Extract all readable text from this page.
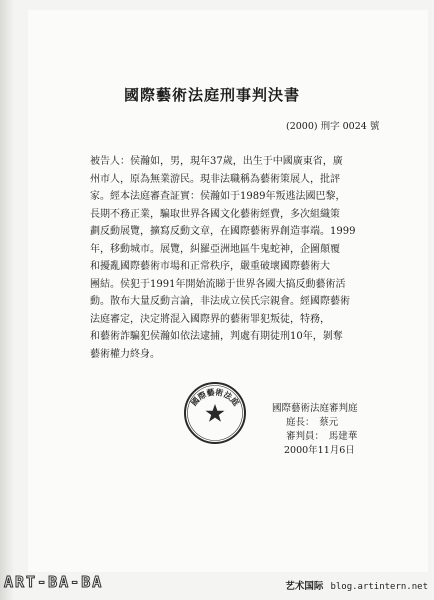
國際藝術法庭刑事判決書
(2000) 刑字 0024 號
被告人：侯瀚如，男，現年37歲，出生于中國廣東省，廣
州市人，原為無業游民。現非法職稱為藝術策展人，批評
家。經本法庭審查証實：侯瀚如于1989年叛逃法國巴黎，
長期不務正業，騙取世界各國文化藝術經費，多次組織策
劃反動展覽，擴寫反動文章，在國際藝術界創造事端。1999
年，移動城市。展覽，糾羅亞洲地區牛鬼蛇神，企圖顛覆
和擾亂國際藝術市場和正常秩序，嚴重破壞國際藝術大
團結。侯犯于1991年開始流睇于世界各國大搞反動藝術活
動。散布大量反動言論，非法成立侯氏宗親會。經國際藝術
法庭審定，決定將混入國際界的藝術罪犯叛徒，特務，
和藝術詐騙犯侯瀚如依法逮捕，判處有期徒刑10年，剝奪
藝術權力終身。
國際藝術法庭
國際藝術法庭審判庭
庭長：　蔡元
審判員：　馬建華
2000年11月6日
ART-BA-BA	艺术国际 blog.artintern.net
